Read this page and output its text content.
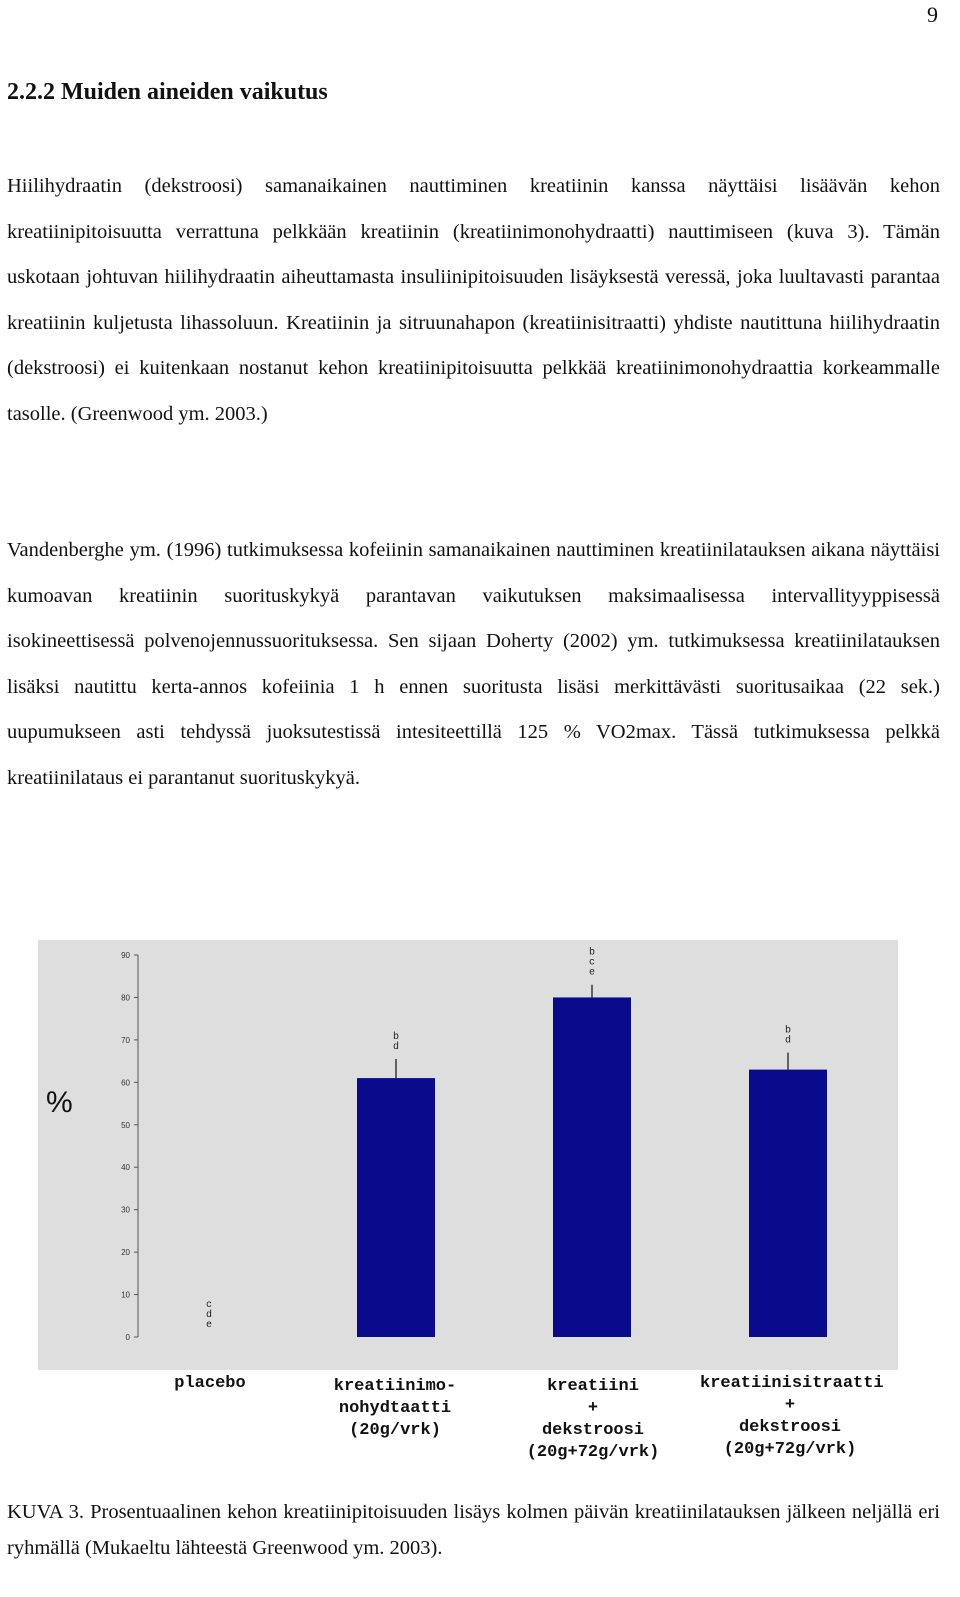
9
2.2.2 Muiden aineiden vaikutus

Hiilihydraatin (dekstroosi) samanaikainen nauttiminen kreatiinin kanssa näyttäisi lisäävän kehon kreatiinipitoisuutta verrattuna pelkkään kreatiinin (kreatiinimonohydraatti) nauttimiseen (kuva 3). Tämän uskotaan johtuvan hiilihydraatin aiheuttamasta insuliinipitoisuuden lisäyksestä veressä, joka luultavasti parantaa kreatiinin kuljetusta lihassoluun. Kreatiinin ja sitruunahapon (kreatiinisitraatti) yhdiste nautittuna hiilihydraatin (dekstroosi) ei kuitenkaan nostanut kehon kreatiinipitoisuutta pelkkää kreatiinimonohydraattia korkeammalle tasolle. (Greenwood ym. 2003.)

Vandenberghe ym. (1996) tutkimuksessa kofeiinin samanaikainen nauttiminen kreatiinilatauksen aikana näyttäisi kumoavan kreatiinin suorituskykyä parantavan vaikutuksen maksimaalisessa intervallityyppisessä isokineettisessä polvenojennussuorituksessa. Sen sijaan Doherty (2002) ym. tutkimuksessa kreatiinilatauksen lisäksi nautittu kerta-annos kofeiinia 1 h ennen suoritusta lisäsi merkittävästi suoritusaikaa (22 sek.) uupumukseen asti tehdyssä juoksutestissä intesiteettillä 125 % VO2max. Tässä tutkimuksessa pelkkä kreatiinilataus ei parantanut suorituskykyä.

0
10
20
30
40
50
60
70
80
90
c
d
e
b
d
b
c
e
b
d
%
placebo	kreatiinimo-
nohydtaatti
(20g/vrk)
kreatiini
+
dekstroosi
(20g+72g/vrk)
kreatiinisitraatti
+
dekstroosi
(20g+72g/vrk)

KUVA 3. Prosentuaalinen kehon kreatiinipitoisuuden lisäys kolmen päivän kreatiinilatauksen jälkeen neljällä eri ryhmällä (Mukaeltu lähteestä Greenwood ym. 2003).
